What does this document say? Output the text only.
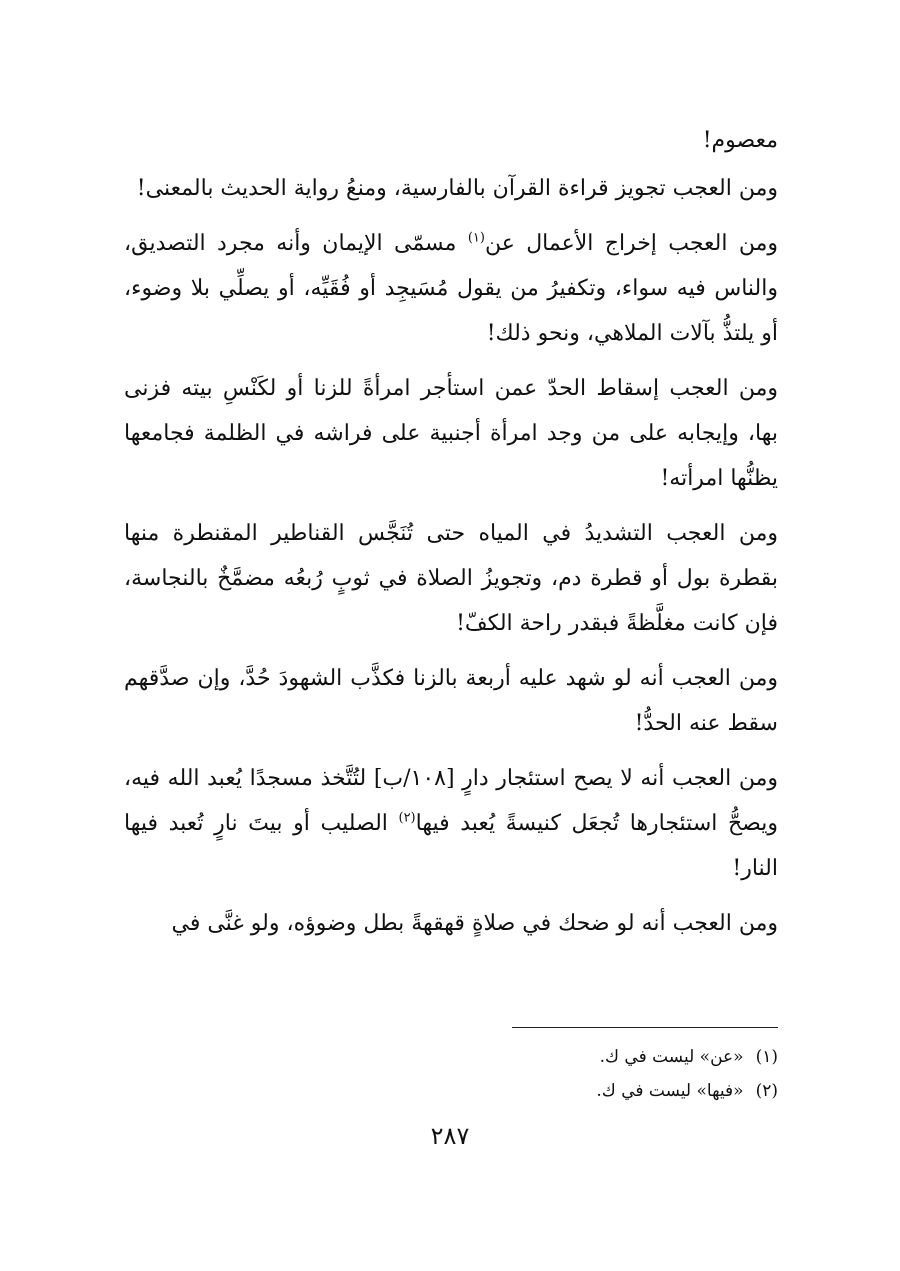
معصوم!

ومن العجب تجويز قراءة القرآن بالفارسية، ومنعُ رواية الحديث بالمعنى!

ومن العجب إخراج الأعمال عن$^{(١)}$ مسمّى الإيمان وأنه مجرد التصديق، والناس فيه سواء، وتكفيرُ من يقول مُسَيجِد أو فُقَيِّه، أو يصلِّي بلا وضوء، أو يلتذُّ بآلات الملاهي، ونحو ذلك!

ومن العجب إسقاط الحدّ عمن استأجر امرأةً للزنا أو لكَنْسِ بيته فزنى بها، وإيجابه على من وجد امرأة أجنبية على فراشه في الظلمة فجامعها يظنُّها امرأته!

ومن العجب التشديدُ في المياه حتى تُنَجَّس القناطير المقنطرة منها بقطرة بول أو قطرة دم، وتجويزُ الصلاة في ثوبٍ رُبعُه مضمَّخٌ بالنجاسة، فإن كانت مغلَّظةً فبقدر راحة الكفّ!

ومن العجب أنه لو شهد عليه أربعة بالزنا فكذَّب الشهودَ حُدَّ، وإن صدَّقهم سقط عنه الحدُّ!

ومن العجب أنه لا يصح استئجار دارٍ [١٠٨/ب] لتُتَّخذ مسجدًا يُعبد الله فيه، ويصحُّ استئجارها تُجعَل كنيسةً يُعبد فيها$^{(٢)}$ الصليب أو بيتَ نارٍ تُعبد فيها النار!

ومن العجب أنه لو ضحك في صلاةٍ قهقهةً بطل وضوؤه، ولو غنَّى في

(١)«عن» ليست في ك.

(٢)«فيها» ليست في ك.

٢٨٧
